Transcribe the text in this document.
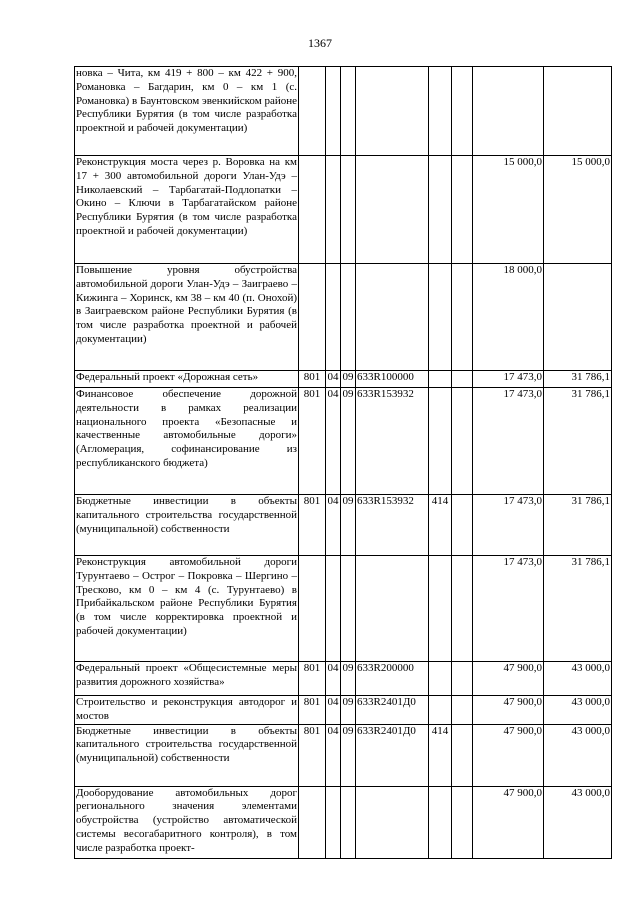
1367
новка – Чита, км 419 + 800 – км 422 + 900, Романовка – Багдарин, км 0 – км 1 (с. Романовка) в Баунтовском эвенкийском районе Республики Бурятия (в том числе разработка проектной и рабочей документации)								
Реконструкция моста через р. Воровка на км 17 + 300 автомобильной дороги Улан-Удэ – Николаевский – Тарбагатай-Подлопатки – Окино – Ключи в Тарбагатайском районе Республики Бурятия (в том числе разработка проектной и рабочей документации)							15 000,0	15 000,0
Повышение уровня обустройства автомобильной дороги Улан-Удэ – Заиграево – Кижинга – Хоринск, км 38 – км 40 (п. Онохой) в Заиграевском районе Республики Бурятия (в том числе разработка проектной и рабочей документации)							18 000,0	
Федеральный проект «Дорожная сеть»	801	04	09	633R100000			17 473,0	31 786,1
Финансовое обеспечение дорожной деятельности в рамках реализации национального проекта «Безопасные и качественные автомобильные дороги» (Агломерация, софинансирование из республиканского бюджета)	801	04	09	633R153932			17 473,0	31 786,1
Бюджетные инвестиции в объекты капитального строительства государственной (муниципальной) собственности	801	04	09	633R153932	414		17 473,0	31 786,1
Реконструкция автомобильной дороги Турунтаево – Острог – Покровка – Шергино – Тресково, км 0 – км 4 (с. Турунтаево) в Прибайкальском районе Республики Бурятия (в том числе корректировка проектной и рабочей документации)							17 473,0	31 786,1
Федеральный проект «Общесистемные меры развития дорожного хозяйства»	801	04	09	633R200000			47 900,0	43 000,0
Строительство и реконструкция автодорог и мостов	801	04	09	633R2401Д0			47 900,0	43 000,0
Бюджетные инвестиции в объекты капитального строительства государственной (муниципальной) собственности	801	04	09	633R2401Д0	414		47 900,0	43 000,0
Дооборудование автомобильных дорог регионального значения элементами обустройства (устройство автоматической системы весогабаритного контроля), в том числе разработка проект-							47 900,0	43 000,0
